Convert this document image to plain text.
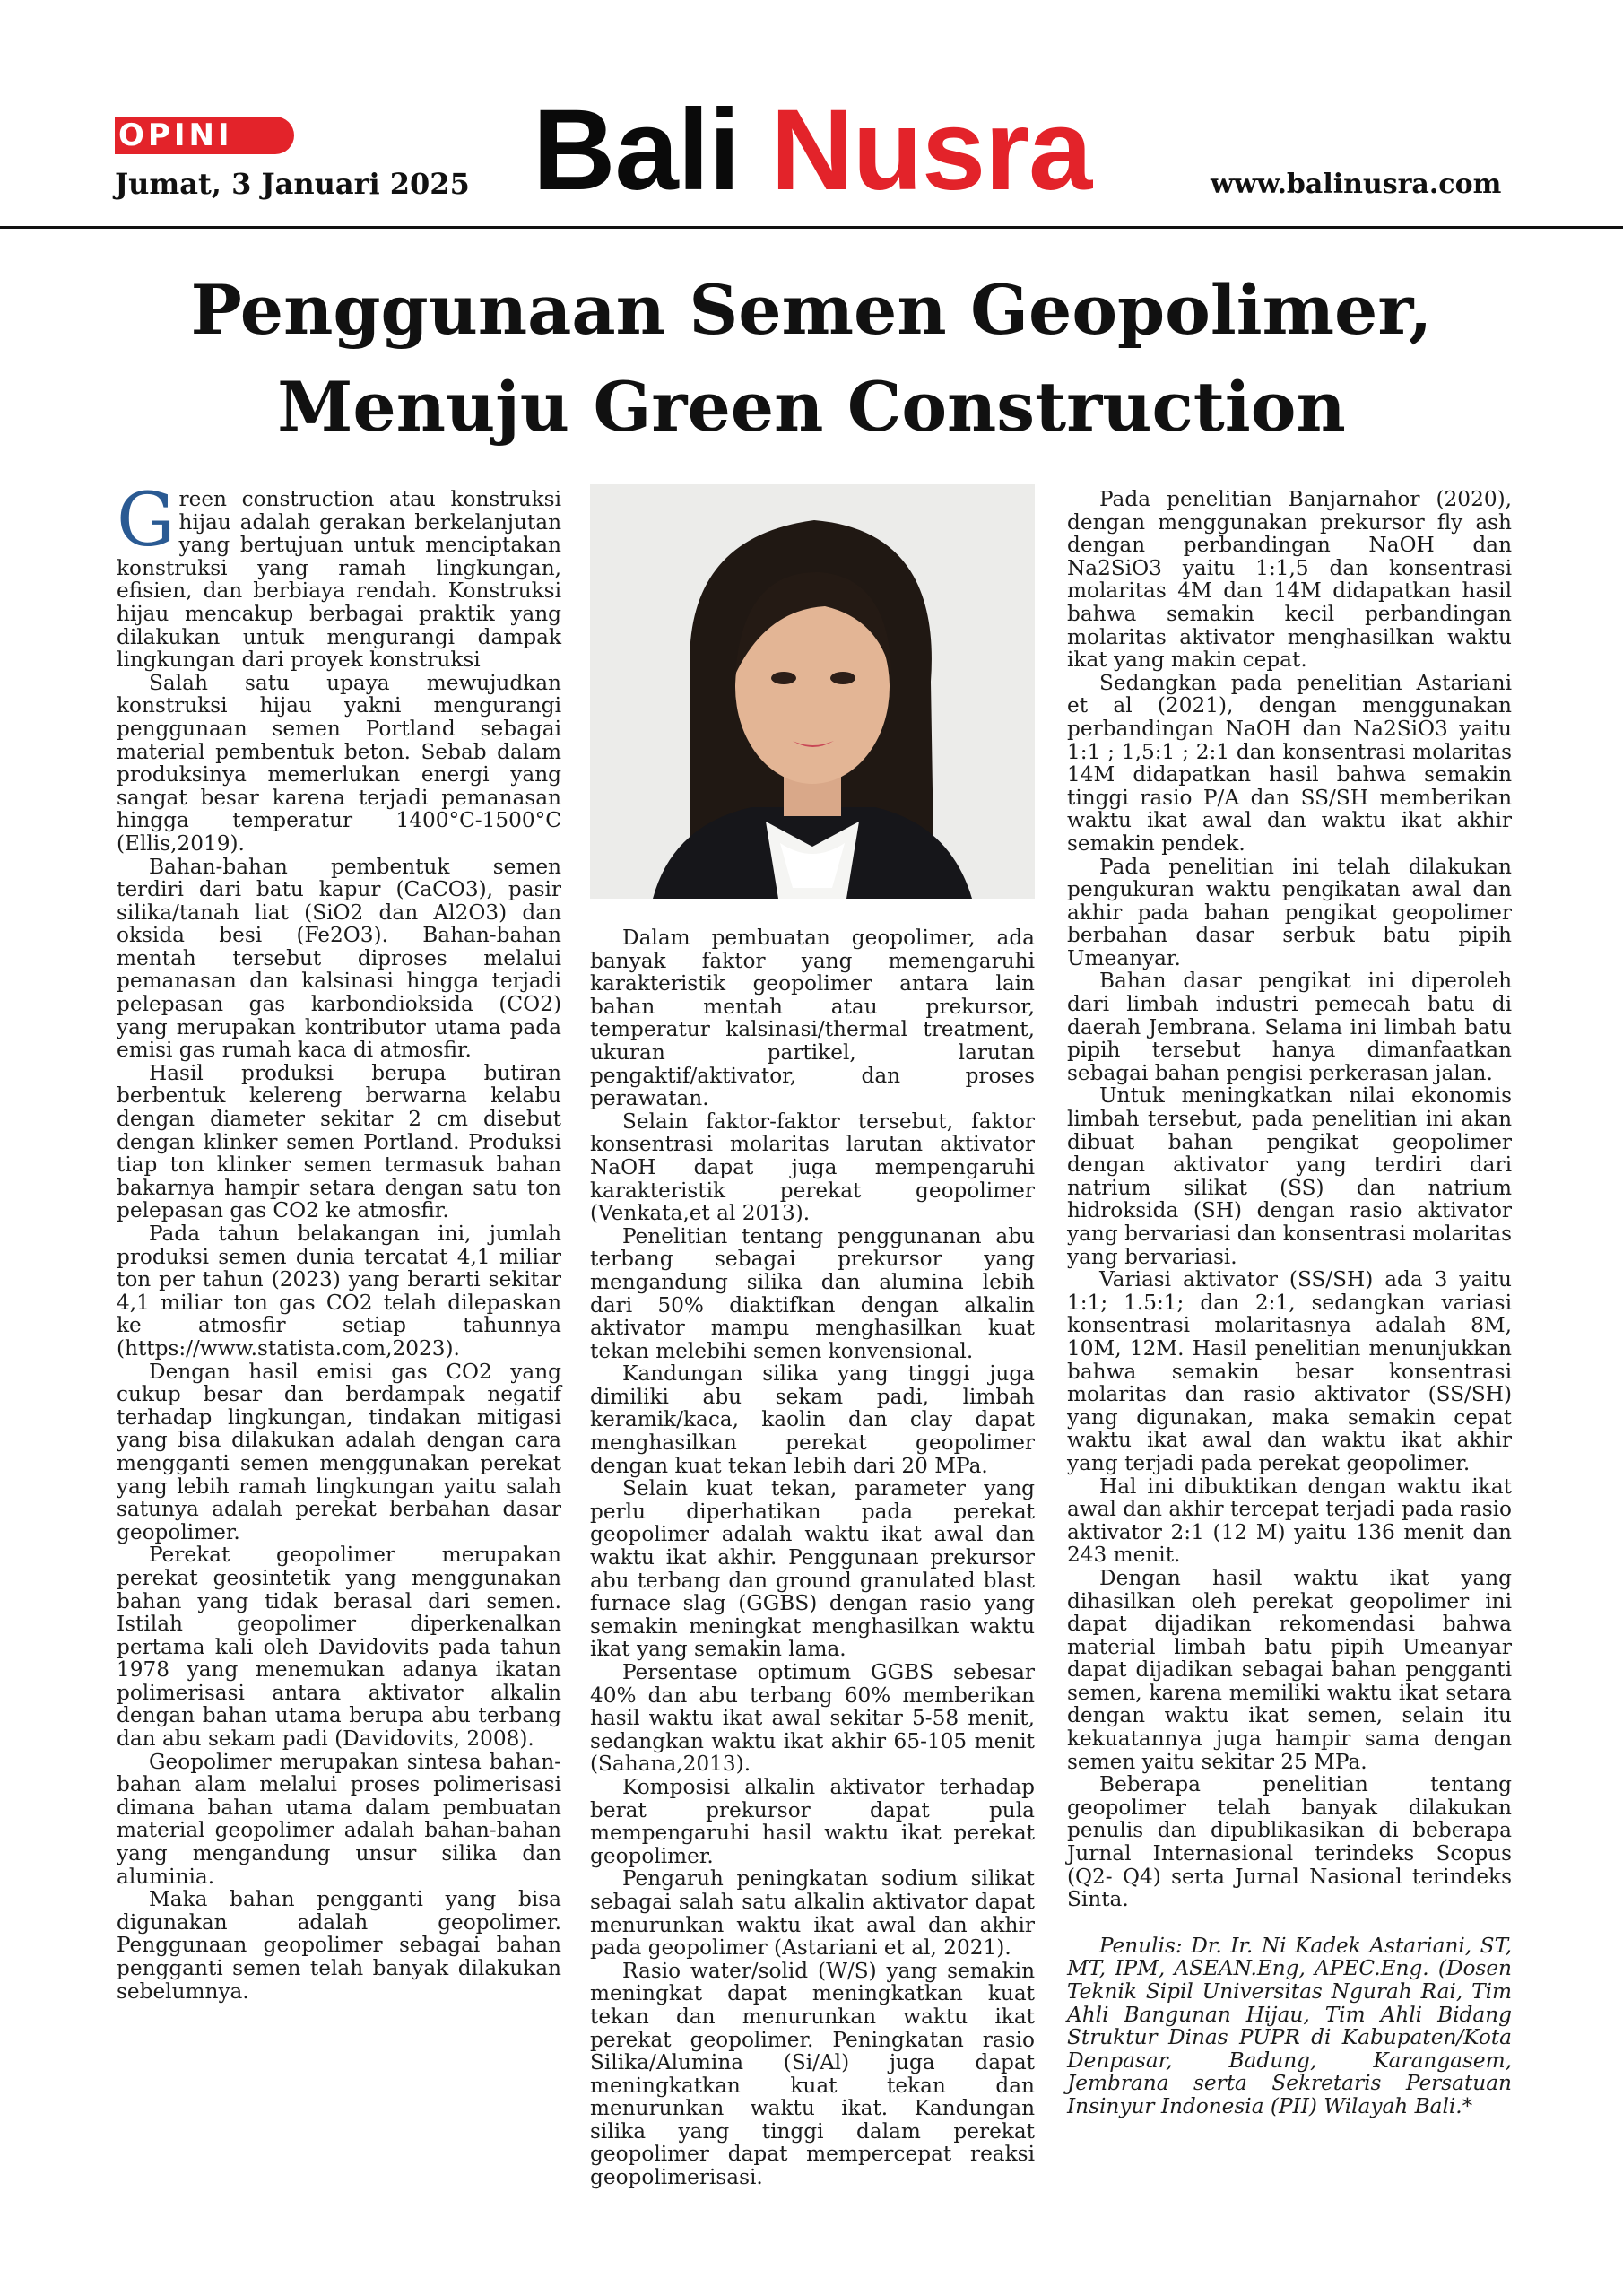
OPINI
Jumat, 3 Januari 2025 Bali Nusra	www.balinusra.com
Penggunaan Semen Geopolimer,
Menuju Green Construction

Green construction atau konstruksi hijau adalah gerakan berkelanjutan yang bertujuan untuk menciptakan konstruksi yang ramah lingkungan, efisien, dan berbiaya rendah. Konstruksi hijau mencakup berbagai praktik yang dilakukan untuk mengurangi dampak lingkungan dari proyek konstruksi

Salah satu upaya mewujudkan konstruksi hijau yakni mengurangi penggunaan semen Portland sebagai material pembentuk beton. Sebab dalam produksinya memerlukan energi yang sangat besar karena terjadi pemanasan hingga temperatur 1400°C-1500°C (Ellis,2019).

Bahan-bahan pembentuk semen terdiri dari batu kapur (CaCO3), pasir silika/tanah liat (SiO2 dan Al2O3) dan oksida besi (Fe2O3). Bahan-bahan mentah tersebut diproses melalui pemanasan dan kalsinasi hingga terjadi pelepasan gas karbondioksida (CO2) yang merupakan kontributor utama pada emisi gas rumah kaca di atmosfir.

Hasil produksi berupa butiran berbentuk kelereng berwarna kelabu dengan diameter sekitar 2 cm disebut dengan klinker semen Portland. Produksi tiap ton klinker semen termasuk bahan bakarnya hampir setara dengan satu ton pelepasan gas CO2 ke atmosfir.

Pada tahun belakangan ini, jumlah produksi semen dunia tercatat 4,1 miliar ton per tahun (2023) yang berarti sekitar 4,1 miliar ton gas CO2 telah dilepaskan ke atmosfir setiap tahunnya (https://www.statista.com,2023).

Dengan hasil emisi gas CO2 yang cukup besar dan berdampak negatif terhadap lingkungan, tindakan mitigasi yang bisa dilakukan adalah dengan cara mengganti semen menggunakan perekat yang lebih ramah lingkungan yaitu salah satunya adalah perekat berbahan dasar geopolimer.

Perekat geopolimer merupakan perekat geosintetik yang menggunakan bahan yang tidak berasal dari semen. Istilah geopolimer diperkenalkan pertama kali oleh Davidovits pada tahun 1978 yang menemukan adanya ikatan polimerisasi antara aktivator alkalin dengan bahan utama berupa abu terbang dan abu sekam padi (Davidovits, 2008).

Geopolimer merupakan sintesa bahan-bahan alam melalui proses polimerisasi dimana bahan utama dalam pembuatan material geopolimer adalah bahan-bahan yang mengandung unsur silika dan aluminia.

Maka bahan pengganti yang bisa digunakan adalah geopolimer. Penggunaan geopolimer sebagai bahan pengganti semen telah banyak dilakukan sebelumnya.

Dalam pembuatan geopolimer, ada banyak faktor yang memengaruhi karakteristik geopolimer antara lain bahan mentah atau prekursor, temperatur kalsinasi/thermal treatment, ukuran partikel, larutan pengaktif/aktivator, dan proses perawatan.

Selain faktor-faktor tersebut, faktor konsentrasi molaritas larutan aktivator NaOH dapat juga mempengaruhi karakteristik perekat geopolimer (Venkata,et al 2013).

Penelitian tentang penggunanan abu terbang sebagai prekursor yang mengandung silika dan alumina lebih dari 50% diaktifkan dengan alkalin aktivator mampu menghasilkan kuat tekan melebihi semen konvensional.

Kandungan silika yang tinggi juga dimiliki abu sekam padi, limbah keramik/kaca, kaolin dan clay dapat menghasilkan perekat geopolimer dengan kuat tekan lebih dari 20 MPa.

Selain kuat tekan, parameter yang perlu diperhatikan pada perekat geopolimer adalah waktu ikat awal dan waktu ikat akhir. Penggunaan prekursor abu terbang dan ground granulated blast furnace slag (GGBS) dengan rasio yang semakin meningkat menghasilkan waktu ikat yang semakin lama.

Persentase optimum GGBS sebesar 40% dan abu terbang 60% memberikan hasil waktu ikat awal sekitar 5-58 menit, sedangkan waktu ikat akhir 65-105 menit (Sahana,2013).

Komposisi alkalin aktivator terhadap berat prekursor dapat pula mempengaruhi hasil waktu ikat perekat geopolimer.

Pengaruh peningkatan sodium silikat sebagai salah satu alkalin aktivator dapat menurunkan waktu ikat awal dan akhir pada geopolimer (Astariani et al, 2021).

Rasio water/solid (W/S) yang semakin meningkat dapat meningkatkan kuat tekan dan menurunkan waktu ikat perekat geopolimer. Peningkatan rasio Silika/Alumina (Si/Al) juga dapat meningkatkan kuat tekan dan menurunkan waktu ikat. Kandungan silika yang tinggi dalam perekat geopolimer dapat mempercepat reaksi geopolimerisasi.

Pada penelitian Banjarnahor (2020), dengan menggunakan prekursor fly ash dengan perbandingan NaOH dan Na2SiO3 yaitu 1:1,5 dan konsentrasi molaritas 4M dan 14M didapatkan hasil bahwa semakin kecil perbandingan molaritas aktivator menghasilkan waktu ikat yang makin cepat.

Sedangkan pada penelitian Astariani et al (2021), dengan menggunakan perbandingan NaOH dan Na2SiO3 yaitu 1:1 ; 1,5:1 ; 2:1 dan konsentrasi molaritas 14M didapatkan hasil bahwa semakin tinggi rasio P/A dan SS/SH memberikan waktu ikat awal dan waktu ikat akhir semakin pendek.

Pada penelitian ini telah dilakukan pengukuran waktu pengikatan awal dan akhir pada bahan pengikat geopolimer berbahan dasar serbuk batu pipih Umeanyar.

Bahan dasar pengikat ini diperoleh dari limbah industri pemecah batu di daerah Jembrana. Selama ini limbah batu pipih tersebut hanya dimanfaatkan sebagai bahan pengisi perkerasan jalan.

Untuk meningkatkan nilai ekonomis limbah tersebut, pada penelitian ini akan dibuat bahan pengikat geopolimer dengan aktivator yang terdiri dari natrium silikat (SS) dan natrium hidroksida (SH) dengan rasio aktivator yang bervariasi dan konsentrasi molaritas yang bervariasi.

Variasi aktivator (SS/SH) ada 3 yaitu 1:1; 1.5:1; dan 2:1, sedangkan variasi konsentrasi molaritasnya adalah 8M, 10M, 12M. Hasil penelitian menunjukkan bahwa semakin besar konsentrasi molaritas dan rasio aktivator (SS/SH) yang digunakan, maka semakin cepat waktu ikat awal dan waktu ikat akhir yang terjadi pada perekat geopolimer.

Hal ini dibuktikan dengan waktu ikat awal dan akhir tercepat terjadi pada rasio aktivator 2:1 (12 M) yaitu 136 menit dan 243 menit.

Dengan hasil waktu ikat yang dihasilkan oleh perekat geopolimer ini dapat dijadikan rekomendasi bahwa material limbah batu pipih Umeanyar dapat dijadikan sebagai bahan pengganti semen, karena memiliki waktu ikat setara dengan waktu ikat semen, selain itu kekuatannya juga hampir sama dengan semen yaitu sekitar 25 MPa.

Beberapa penelitian tentang geopolimer telah banyak dilakukan penulis dan dipublikasikan di beberapa Jurnal Internasional terindeks Scopus (Q2- Q4) serta Jurnal Nasional terindeks Sinta.

Penulis: Dr. Ir. Ni Kadek Astariani, ST, MT, IPM, ASEAN.Eng, APEC.Eng. (Dosen Teknik Sipil Universitas Ngurah Rai, Tim Ahli Bangunan Hijau, Tim Ahli Bidang Struktur Dinas PUPR di Kabupaten/Kota Denpasar, Badung, Karangasem, Jembrana serta Sekretaris Persatuan Insinyur Indonesia (PII) Wilayah Bali.*
